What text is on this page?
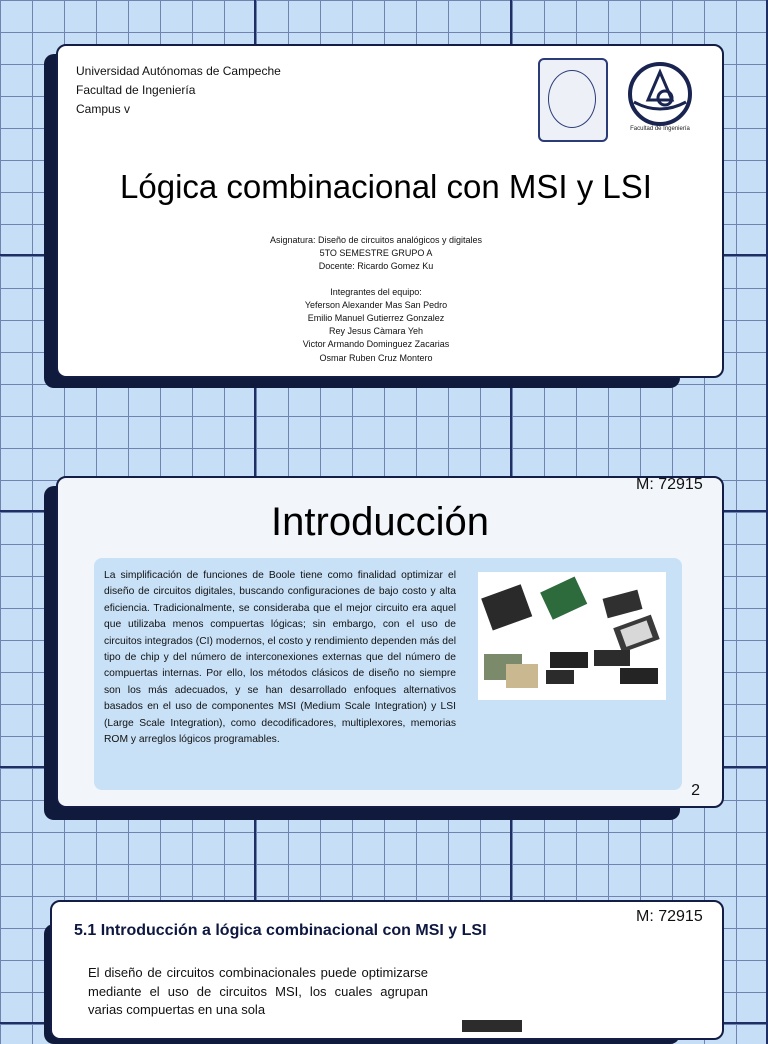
Universidad Autónomas de Campeche
Facultad de Ingeniería
Campus v
Facultad de Ingeniería
Lógica combinacional con MSI y LSI
Asignatura: Diseño de circuitos analógicos y digitales
5TO SEMESTRE GRUPO A
Docente: Ricardo Gomez Ku
Integrantes del equipo:
Yeferson Alexander Mas San Pedro
Emilio Manuel Gutierrez Gonzalez
Rey Jesus Càmara Yeh
Victor Armando Dominguez Zacarias
Osmar Ruben Cruz Montero
Introducción
La simplificación de funciones de Boole tiene como finalidad optimizar el diseño de circuitos digitales, buscando configuraciones de bajo costo y alta eficiencia. Tradicionalmente, se consideraba que el mejor circuito era aquel que utilizaba menos compuertas lógicas; sin embargo, con el uso de circuitos integrados (CI) modernos, el costo y rendimiento dependen más del tipo de chip y del número de interconexiones externas que del número de compuertas internas. Por ello, los métodos clásicos de diseño no siempre son los más adecuados, y se han desarrollado enfoques alternativos basados en el uso de componentes MSI (Medium Scale Integration) y LSI (Large Scale Integration), como decodificadores, multiplexores, memorias ROM y arreglos lógicos programables.
2
M: 72915
5.1 Introducción a lógica combinacional con MSI y LSI
El diseño de circuitos combinacionales puede optimizarse mediante el uso de circuitos MSI, los cuales agrupan varias compuertas en una sola
M: 72915
